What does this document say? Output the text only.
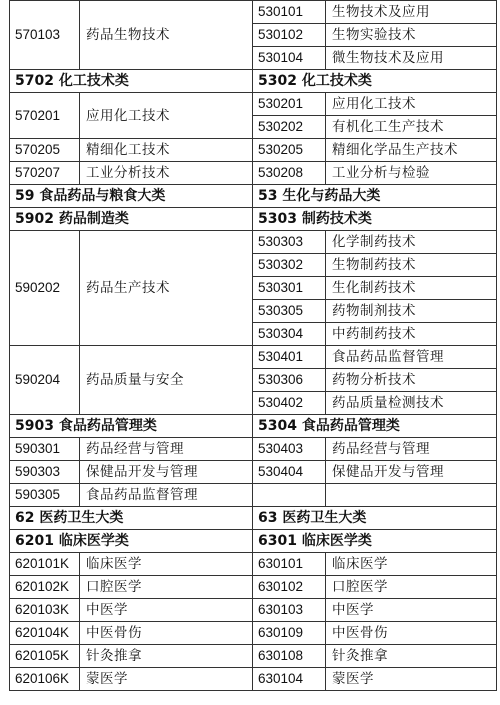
570103	药品生物技术	530101	生物技术及应用
		530102	生物实验技术
		530104	微生物技术及应用
5702 化工技术类		5302 化工技术类	
570201	应用化工技术	530201	应用化工技术
		530202	有机化工生产技术
570205	精细化工技术	530205	精细化学品生产技术
570207	工业分析技术	530208	工业分析与检验
59 食品药品与粮食大类		53 生化与药品大类	
5902 药品制造类		5303 制药技术类	
590202	药品生产技术	530303	化学制药技术
		530302	生物制药技术
		530301	生化制药技术
		530305	药物制剂技术
		530304	中药制药技术
590204	药品质量与安全	530401	食品药品监督管理
		530306	药物分析技术
		530402	药品质量检测技术
5903 食品药品管理类		5304 食品药品管理类	
590301	药品经营与管理	530403	药品经营与管理
590303	保健品开发与管理	530404	保健品开发与管理
590305	食品药品监督管理		
62 医药卫生大类		63 医药卫生大类	
6201 临床医学类		6301 临床医学类	
620101K	临床医学	630101	临床医学
620102K	口腔医学	630102	口腔医学
620103K	中医学	630103	中医学
620104K	中医骨伤	630109	中医骨伤
620105K	针灸推拿	630108	针灸推拿
620106K	蒙医学	630104	蒙医学
